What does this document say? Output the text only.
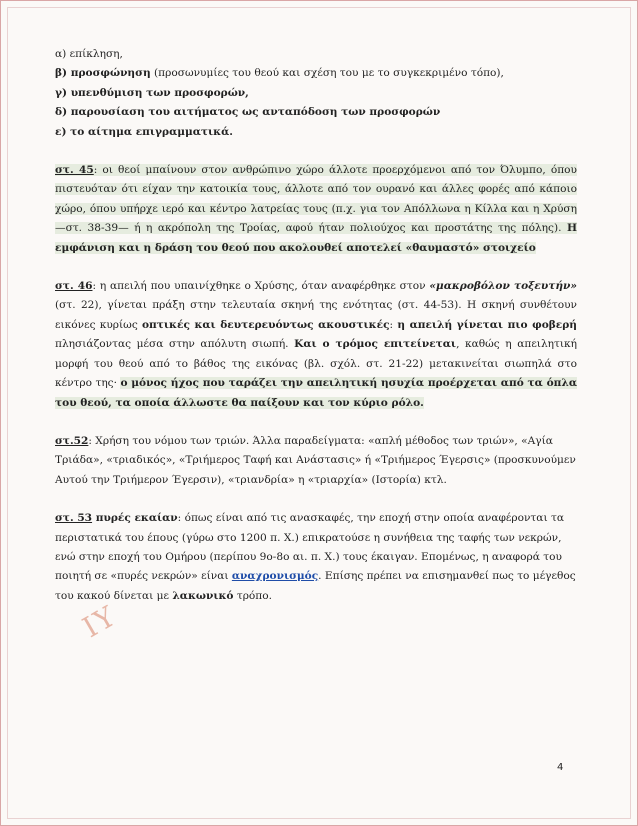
α) επίκληση,

β) προσφώνηση (προσωνυμίες του θεού και σχέση του με το συγκεκριμένο τόπο),

γ) υπενθύμιση των προσφορών,

δ) παρουσίαση του αιτήματος ως ανταπόδοση των προσφορών

ε) το αίτημα επιγραμματικά.

στ. 45: οι θεοί μπαίνουν στον ανθρώπινο χώρο άλλοτε προερχόμενοι από τον Όλυμπο, όπου πιστευόταν ότι είχαν την κατοικία τους, άλλοτε από τον ουρανό και άλλες φορές από κάποιο χώρο, όπου υπήρχε ιερό και κέντρο λατρείας τους (π.χ. για τον Απόλλωνα η Κίλλα και η Χρύση —στ. 38-39— ή η ακρόπολη της Τροίας, αφού ήταν πολιούχος και προστάτης της πόλης). Η εμφάνιση και η δράση του θεού που ακολουθεί αποτελεί «θαυμαστό» στοιχείο

στ. 46: η απειλή που υπαινίχθηκε ο Χρύσης, όταν αναφέρθηκε στον «μακροβόλον τοξευτήν» (στ. 22), γίνεται πράξη στην τελευταία σκηνή της ενότητας (στ. 44-53). Η σκηνή συνθέτουν εικόνες κυρίως οπτικές και δευτερευόντως ακουστικές: η απειλή γίνεται πιο φοβερή πλησιάζοντας μέσα στην απόλυτη σιωπή. Και ο τρόμος επιτείνεται, καθώς η απειλητική μορφή του θεού από το βάθος της εικόνας (βλ. σχόλ. στ. 21-22) μετακινείται σιωπηλά στο κέντρο της· ο μόνος ήχος που ταράζει την απειλητική ησυχία προέρχεται από τα όπλα του θεού, τα οποία άλλωστε θα παίξουν και τον κύριο ρόλο.

στ.52: Χρήση του νόμου των τριών. Άλλα παραδείγματα: «απλή μέθοδος των τριών», «Αγία Τριάδα», «τριαδικός», «Τριήμερος Ταφή και Ανάστασις» ή «Τριήμερος Έγερσις» (προσκυνούμεν Αυτού την Τριήμερον Έγερσιν), «τριανδρία» η «τριαρχία» (Ιστορία) κτλ.

στ. 53 πυρές εκαίαν: όπως είναι από τις ανασκαφές, την εποχή στην οποία αναφέρονται τα περιστατικά του έπους (γύρω στο 1200 π. Χ.) επικρατούσε η συνήθεια της ταφής των νεκρών, ενώ στην εποχή του Ομήρου (περίπου 9ο-8ο αι. π. Χ.) τους έκαιγαν. Επομένως, η αναφορά του ποιητή σε «πυρές νεκρών» είναι αναχρονισμός. Επίσης πρέπει να επισημανθεί πως το μέγεθος του κακού δίνεται με λακωνικό τρόπο.

IY
4
